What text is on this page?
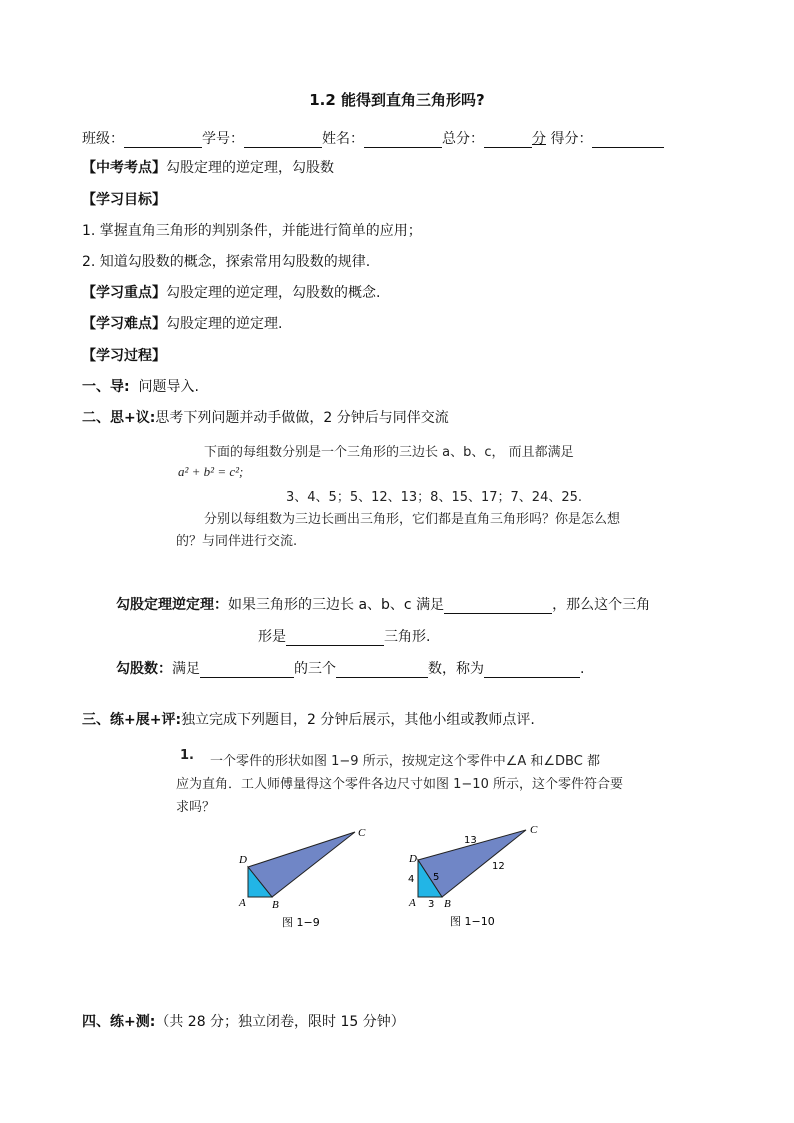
1.2 能得到直角三角形吗?
班级：	学号：	姓名：	总分：	分 得分：
【中考考点】勾股定理的逆定理，勾股数
【学习目标】
1. 掌握直角三角形的判别条件，并能进行简单的应用；
2. 知道勾股数的概念，探索常用勾股数的规律.
【学习重点】勾股定理的逆定理，勾股数的概念.
【学习难点】勾股定理的逆定理.
【学习过程】
一、导: 问题导入.
二、思+议:思考下列问题并动手做做，2 分钟后与同伴交流
下面的每组数分别是一个三角形的三边长 a、b、c， 而且都满足
a² + b² = c²;
3、4、5；5、12、13；8、15、17；7、24、25.
分别以每组数为三边长画出三角形，它们都是直角三角形吗？你是怎么想
的？与同伴进行交流.
勾股定理逆定理：如果三角形的三边长 a、b、c 满足	，那么这个三角
形是	三角形.
勾股数：满足	的三个	数，称为	.
三、练+展+评:独立完成下列题目，2 分钟后展示，其他小组或教师点评.
1. 一个零件的形状如图 1−9 所示，按规定这个零件中∠A 和∠DBC 都
应为直角．工人师傅量得这个零件各边尺寸如图 1−10 所示，这个零件符合要
求吗？
D
A B
C
图 1−9
D
A	B
C
13
12
5
4
3
图 1−10
四、练+测:（共 28 分；独立闭卷，限时 15 分钟）
